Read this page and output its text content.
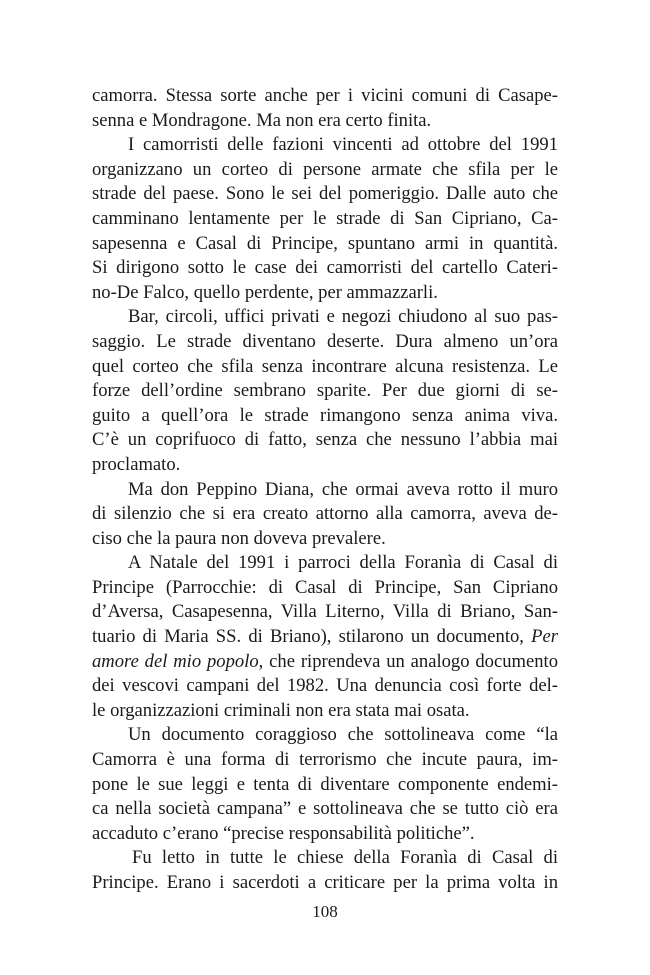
camorra. Stessa sorte anche per i vicini comuni di Casape-
senna e Mondragone. Ma non era certo finita.
I camorristi delle fazioni vincenti ad ottobre del 1991
organizzano un corteo di persone armate che sfila per le
strade del paese. Sono le sei del pomeriggio. Dalle auto che
camminano lentamente per le strade di San Cipriano, Ca-
sapesenna e Casal di Principe, spuntano armi in quantità.
Si dirigono sotto le case dei camorristi del cartello Cateri-
no-De Falco, quello perdente, per ammazzarli.
Bar, circoli, uffici privati e negozi chiudono al suo pas-
saggio. Le strade diventano deserte. Dura almeno un’ora
quel corteo che sfila senza incontrare alcuna resistenza. Le
forze dell’ordine sembrano sparite. Per due giorni di se-
guito a quell’ora le strade rimangono senza anima viva.
C’è un coprifuoco di fatto, senza che nessuno l’abbia mai
proclamato.
Ma don Peppino Diana, che ormai aveva rotto il muro
di silenzio che si era creato attorno alla camorra, aveva de-
ciso che la paura non doveva prevalere.
A Natale del 1991 i parroci della Foranìa di Casal di
Principe (Parrocchie: di Casal di Principe, San Cipriano
d’Aversa, Casapesenna, Villa Literno, Villa di Briano, San-
tuario di Maria SS. di Briano), stilarono un documento, Per
amore del mio popolo, che riprendeva un analogo documento
dei vescovi campani del 1982. Una denuncia così forte del-
le organizzazioni criminali non era stata mai osata.
Un documento coraggioso che sottolineava come “la
Camorra è una forma di terrorismo che incute paura, im-
pone le sue leggi e tenta di diventare componente endemi-
ca nella società campana” e sottolineava che se tutto ciò era
accaduto c’erano “precise responsabilità politiche”.
Fu letto in tutte le chiese della Foranìa di Casal di
Principe. Erano i sacerdoti a criticare per la prima volta in
108
